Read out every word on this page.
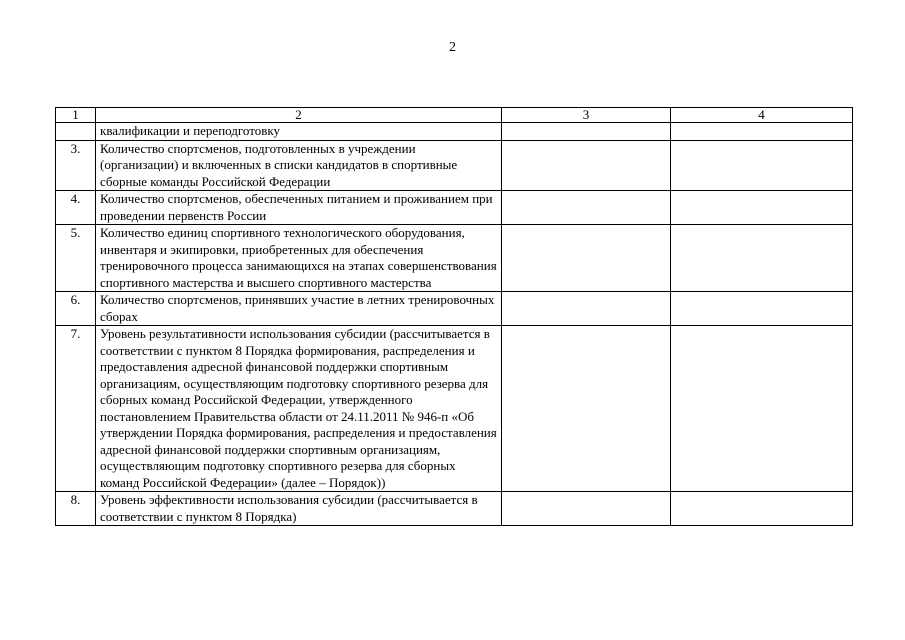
2
1	2	3	4
	квалификации и переподготовку		
3.	Количество спортсменов, подготовленных в учреждении (организации) и включенных в списки кандидатов в спортивные сборные команды Российской Федерации		
4.	Количество спортсменов, обеспеченных питанием и проживанием при проведении первенств России		
5.	Количество единиц спортивного технологического оборудования, инвентаря и экипировки, приобретенных для обеспечения тренировочного процесса занимающихся на этапах совершенствования спортивного мастерства и высшего спортивного мастерства		
6.	Количество спортсменов, принявших участие в летних тренировочных сборах		
7.	Уровень результативности использования субсидии (рассчитывается в соответствии с пунктом 8 Порядка формирования, распределения и предоставления адресной финансовой поддержки спортивным организациям, осуществляющим подготовку спортивного резерва для сборных команд Российской Федерации, утвержденного постановлением Правительства области от 24.11.2011 № 946-п «Об утверждении Порядка формирования, распределения и предоставления адресной финансовой поддержки спортивным организациям, осуществляющим подготовку спортивного резерва для сборных команд Российской Федерации» (далее – Порядок))		
8.	Уровень эффективности использования субсидии (рассчитывается в соответствии с пунктом 8 Порядка)		
